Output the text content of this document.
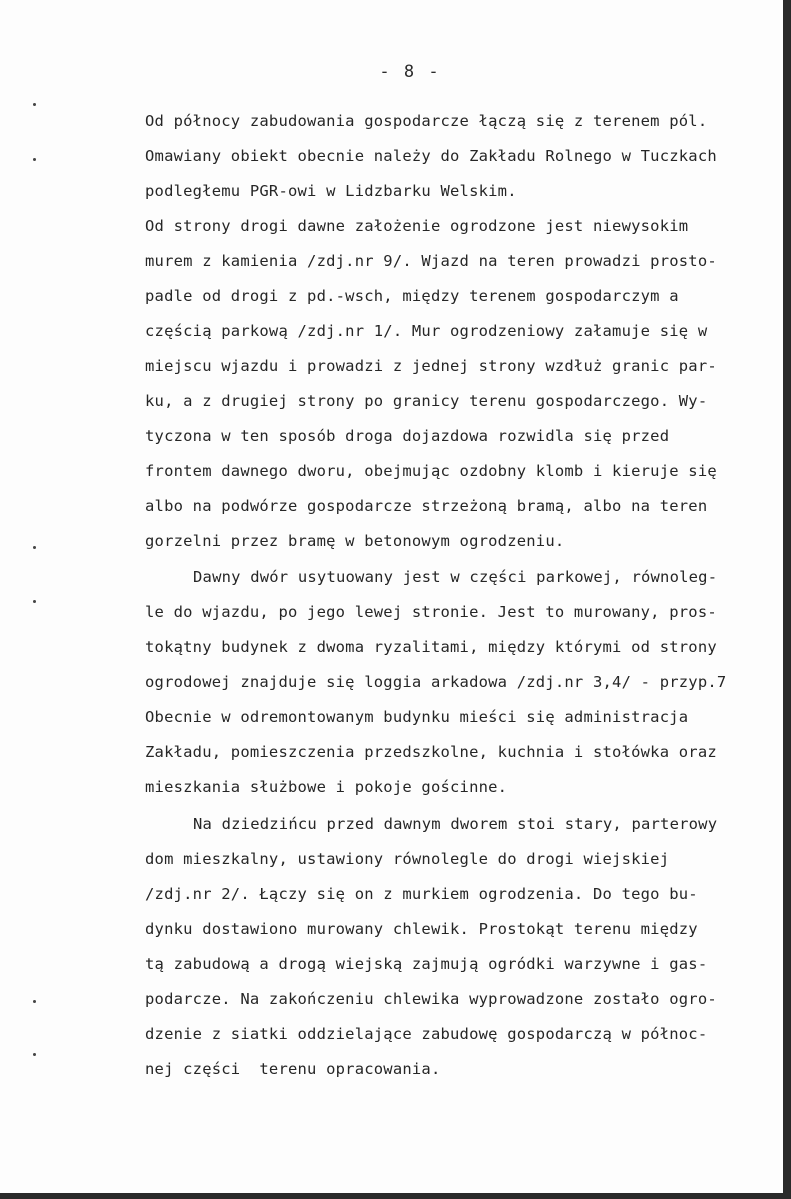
- 8 -
Od północy zabudowania gospodarcze łączą się z terenem pól.
Omawiany obiekt obecnie należy do Zakładu Rolnego w Tuczkach
podległemu PGR-owi w Lidzbarku Welskim.
Od strony drogi dawne założenie ogrodzone jest niewysokim
murem z kamienia /zdj.nr 9/. Wjazd na teren prowadzi prosto-
padle od drogi z pd.-wsch, między terenem gospodarczym a
częścią parkową /zdj.nr 1/. Mur ogrodzeniowy załamuje się w
miejscu wjazdu i prowadzi z jednej strony wzdłuż granic par-
ku, a z drugiej strony po granicy terenu gospodarczego. Wy-
tyczona w ten sposób droga dojazdowa rozwidla się przed
frontem dawnego dworu, obejmując ozdobny klomb i kieruje się
albo na podwórze gospodarcze strzeżoną bramą, albo na teren
gorzelni przez bramę w betonowym ogrodzeniu.
Dawny dwór usytuowany jest w części parkowej, równoleg-
le do wjazdu, po jego lewej stronie. Jest to murowany, pros-
tokątny budynek z dwoma ryzalitami, między którymi od strony
ogrodowej znajduje się loggia arkadowa /zdj.nr 3,4/ - przyp.7
Obecnie w odremontowanym budynku mieści się administracja
Zakładu, pomieszczenia przedszkolne, kuchnia i stołówka oraz
mieszkania służbowe i pokoje gościnne.
Na dziedzińcu przed dawnym dworem stoi stary, parterowy
dom mieszkalny, ustawiony równolegle do drogi wiejskiej
/zdj.nr 2/. Łączy się on z murkiem ogrodzenia. Do tego bu-
dynku dostawiono murowany chlewik. Prostokąt terenu między
tą zabudową a drogą wiejską zajmują ogródki warzywne i gas-
podarcze. Na zakończeniu chlewika wyprowadzone zostało ogro-
dzenie z siatki oddzielające zabudowę gospodarczą w północ-
nej części  terenu opracowania.
